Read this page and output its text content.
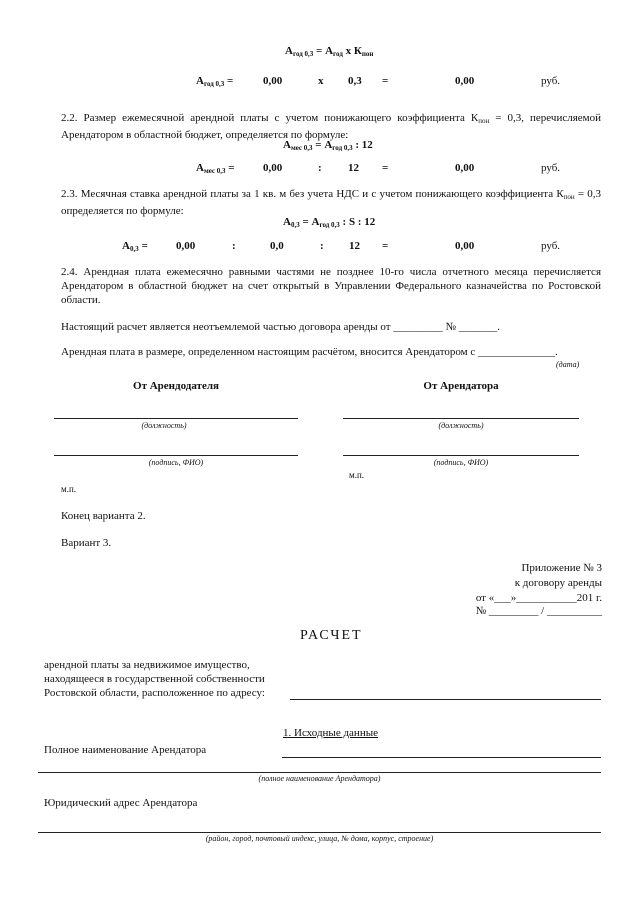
$А_{год 0,3} = А_{год}$ x $К_{пон}$
$А_{год 0,3}$ =	0,00	x 0,3 =	0,00	руб.
2.2. Размер ежемесячной арендной платы с учетом понижающего коэффициента $К_{пон} = 0,3$, перечисляемой Арендатором в областной бюджет, определяется по формуле:
$А_{мес 0,3} = А_{год 0,3}$ : 12
$А_{мес 0,3}$ =	0,00	: 12 =	0,00	руб.
2.3. Месячная ставка арендной платы за 1 кв. м без учета НДС и с учетом понижающего коэффициента $К_{пон} = 0,3$ определяется по формуле:
$А_{0,3} = А_{год 0,3}$ : S : 12
$А_{0,3}$ =	0,00	:	0,0	: 12 =	0,00	руб.
2.4. Арендная плата ежемесячно равными частями не позднее 10-го числа отчетного месяца перечисляется Арендатором в областной бюджет на счет открытый в Управлении Федерального казначейства по Ростовской области.
Настоящий расчет является неотъемлемой частью договора аренды от _________ № _______.
Арендная плата в размере, определенном настоящим расчётом, вносится Арендатором с ______________.
(дата)
От Арендодателя	От Арендатора
(должность)	(должность)
(подпись, ФИО)	(подпись, ФИО)
м.п.
м.п.
Конец варианта 2.
Вариант 3.
Приложение № 3
к договору аренды
от «___»___________201 г.
№ _________ / __________
РАСЧЕТ
арендной платы за недвижимое имущество,
находящееся в государственной собственности
Ростовской области, расположенное по адресу:
1. Исходные данные
Полное наименование Арендатора
(полное наименование Арендатора)
Юридический адрес Арендатора
(район, город, почтовый индекс, улица, № дома, корпус, строение)
